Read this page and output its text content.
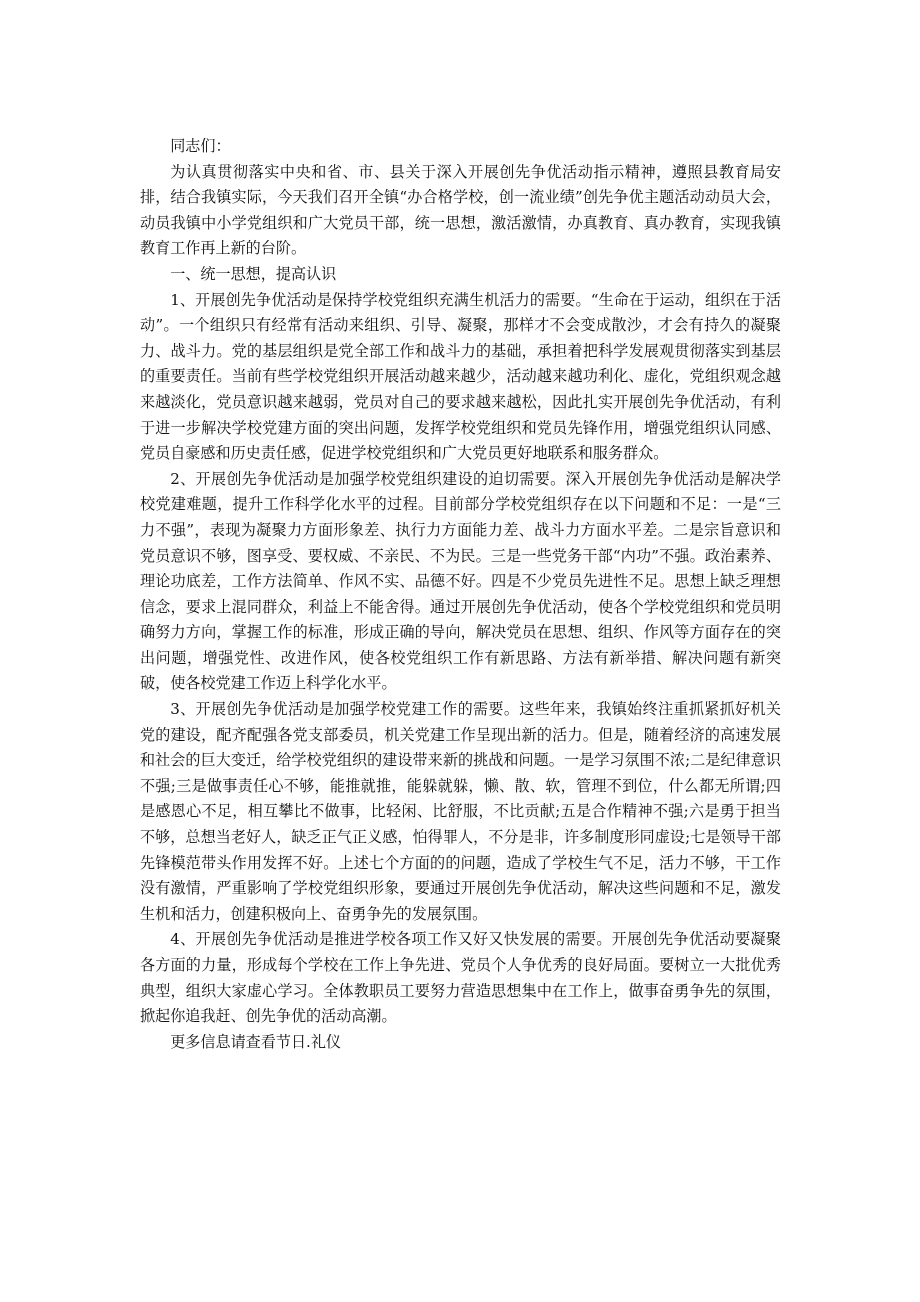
同志们：

为认真贯彻落实中央和省、市、县关于深入开展创先争优活动指示精神，遵照县教育局安排，结合我镇实际，今天我们召开全镇“办合格学校，创一流业绩”创先争优主题活动动员大会，动员我镇中小学党组织和广大党员干部，统一思想，激活激情，办真教育、真办教育，实现我镇教育工作再上新的台阶。

一、统一思想，提高认识

1、开展创先争优活动是保持学校党组织充满生机活力的需要。“生命在于运动，组织在于活动”。一个组织只有经常有活动来组织、引导、凝聚，那样才不会变成散沙，才会有持久的凝聚力、战斗力。党的基层组织是党全部工作和战斗力的基础，承担着把科学发展观贯彻落实到基层的重要责任。当前有些学校党组织开展活动越来越少，活动越来越功利化、虚化，党组织观念越来越淡化，党员意识越来越弱，党员对自己的要求越来越松，因此扎实开展创先争优活动，有利于进一步解决学校党建方面的突出问题，发挥学校党组织和党员先锋作用，增强党组织认同感、党员自豪感和历史责任感，促进学校党组织和广大党员更好地联系和服务群众。

2、开展创先争优活动是加强学校党组织建设的迫切需要。深入开展创先争优活动是解决学校党建难题，提升工作科学化水平的过程。目前部分学校党组织存在以下问题和不足：一是“三力不强”，表现为凝聚力方面形象差、执行力方面能力差、战斗力方面水平差。二是宗旨意识和党员意识不够，图享受、要权威、不亲民、不为民。三是一些党务干部“内功”不强。政治素养、理论功底差，工作方法简单、作风不实、品德不好。四是不少党员先进性不足。思想上缺乏理想信念，要求上混同群众，利益上不能舍得。通过开展创先争优活动，使各个学校党组织和党员明确努力方向，掌握工作的标准，形成正确的导向，解决党员在思想、组织、作风等方面存在的突出问题，增强党性、改进作风，使各校党组织工作有新思路、方法有新举措、解决问题有新突破，使各校党建工作迈上科学化水平。

3、开展创先争优活动是加强学校党建工作的需要。这些年来，我镇始终注重抓紧抓好机关党的建设，配齐配强各党支部委员，机关党建工作呈现出新的活力。但是，随着经济的高速发展和社会的巨大变迁，给学校党组织的建设带来新的挑战和问题。一是学习氛围不浓;二是纪律意识不强;三是做事责任心不够，能推就推，能躲就躲，懒、散、软，管理不到位，什么都无所谓;四是感恩心不足，相互攀比不做事，比轻闲、比舒服，不比贡献;五是合作精神不强;六是勇于担当不够，总想当老好人，缺乏正气正义感，怕得罪人，不分是非，许多制度形同虚设;七是领导干部先锋模范带头作用发挥不好。上述七个方面的的问题，造成了学校生气不足，活力不够，干工作没有激情，严重影响了学校党组织形象，要通过开展创先争优活动，解决这些问题和不足，激发生机和活力，创建积极向上、奋勇争先的发展氛围。

4、开展创先争优活动是推进学校各项工作又好又快发展的需要。开展创先争优活动要凝聚各方面的力量，形成每个学校在工作上争先进、党员个人争优秀的良好局面。要树立一大批优秀典型，组织大家虚心学习。全体教职员工要努力营造思想集中在工作上，做事奋勇争先的氛围，掀起你追我赶、创先争优的活动高潮。

更多信息请查看节日.礼仪
